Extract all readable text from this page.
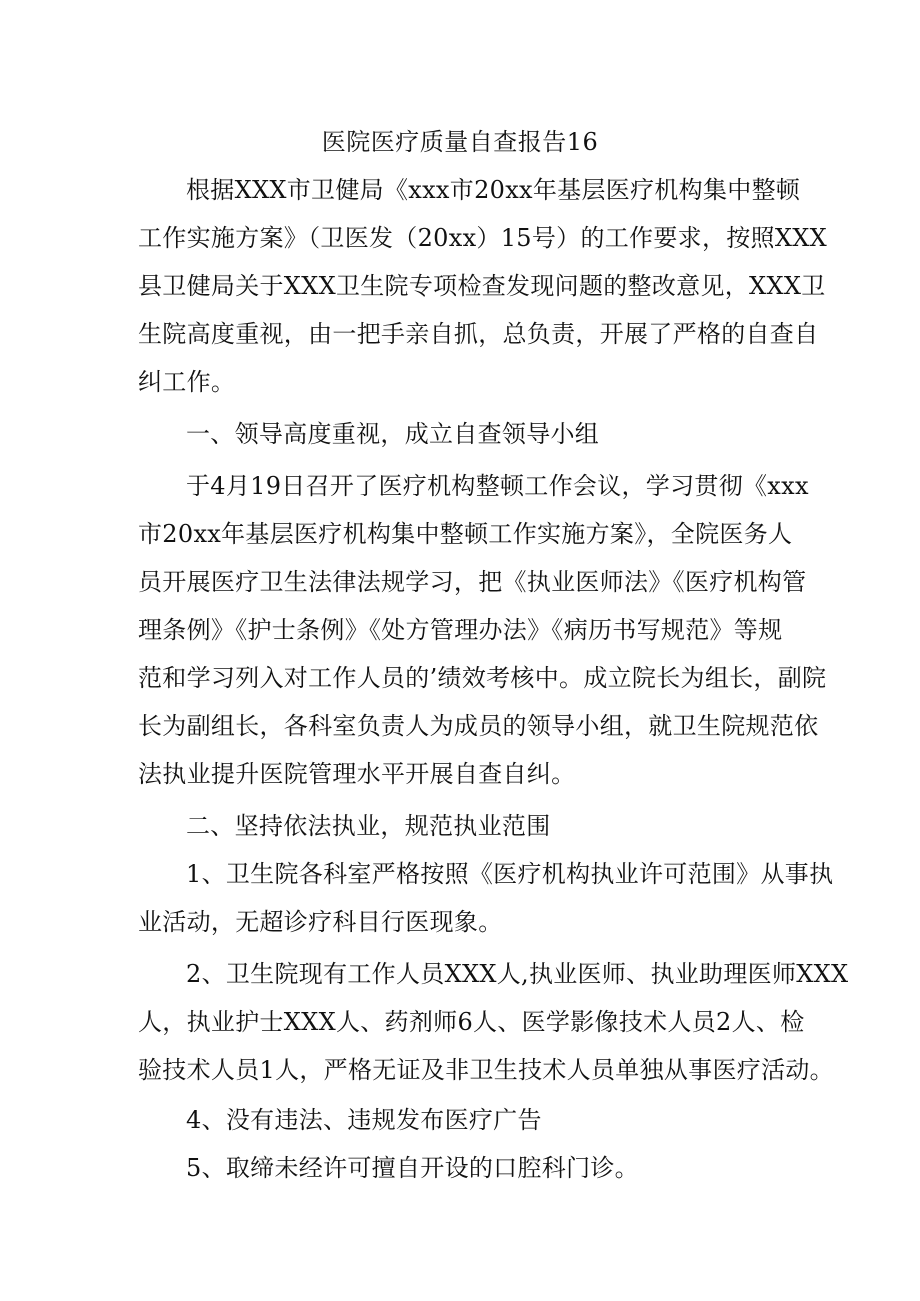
医院医疗质量自查报告16
根据XXX市卫健局《xxx市20xx年基层医疗机构集中整顿
工作实施方案》（卫医发（20xx）15号）的工作要求，按照XXX
县卫健局关于XXX卫生院专项检查发现问题的整改意见，XXX卫
生院高度重视，由一把手亲自抓，总负责，开展了严格的自查自
纠工作。
一、领导高度重视，成立自查领导小组
于4月19日召开了医疗机构整顿工作会议，学习贯彻《xxx
市20xx年基层医疗机构集中整顿工作实施方案》，全院医务人
员开展医疗卫生法律法规学习，把《执业医师法》《医疗机构管
理条例》《护士条例》《处方管理办法》《病历书写规范》等规
范和学习列入对工作人员的’绩效考核中。成立院长为组长，副院
长为副组长，各科室负责人为成员的领导小组，就卫生院规范依
法执业提升医院管理水平开展自查自纠。
二、坚持依法执业，规范执业范围
1、卫生院各科室严格按照《医疗机构执业许可范围》从事执
业活动，无超诊疗科目行医现象。
2、卫生院现有工作人员XXX人,执业医师、执业助理医师XXX
人，执业护士XXX人、药剂师6人、医学影像技术人员2人、检
验技术人员1人，严格无证及非卫生技术人员单独从事医疗活动。
4、没有违法、违规发布医疗广告
5、取缔未经许可擅自开设的口腔科门诊。
